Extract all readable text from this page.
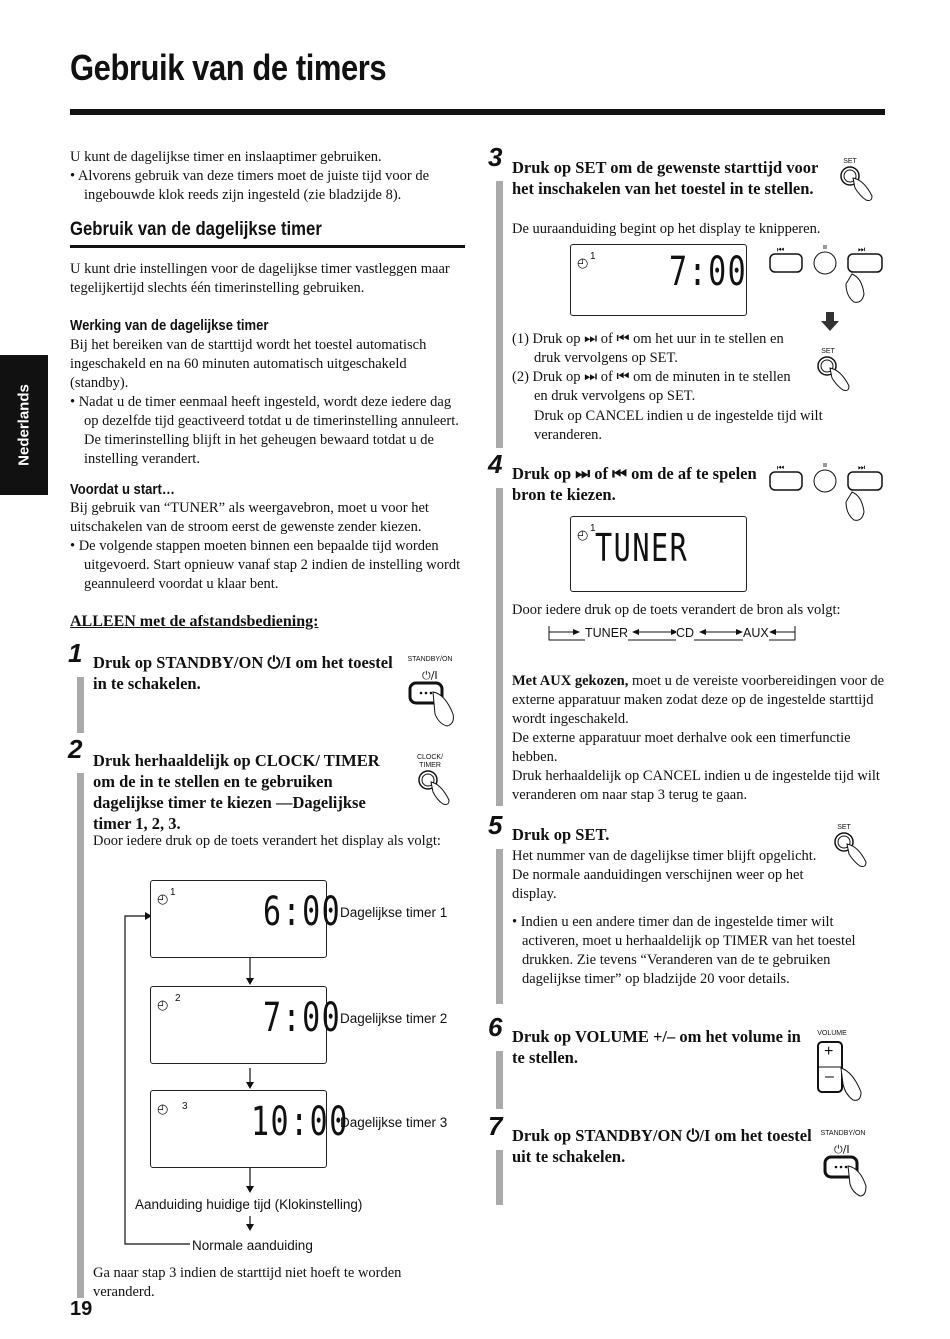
Gebruik van de timers
Nederlands
U kunt de dagelijkse timer en inslaaptimer gebruiken.
• Alvorens gebruik van deze timers moet de juiste tijd voor de ingebouwde klok reeds zijn ingesteld (zie bladzijde 8).
Gebruik van de dagelijkse timer
U kunt drie instellingen voor de dagelijkse timer vastleggen maar tegelijkertijd slechts één timerinstelling gebruiken.
Werking van de dagelijkse timer
Bij het bereiken van de starttijd wordt het toestel automatisch ingeschakeld en na 60 minuten automatisch uitgeschakeld (standby).
• Nadat u de timer eenmaal heeft ingesteld, wordt deze iedere dag op dezelfde tijd geactiveerd totdat u de timerinstelling annuleert. De timerinstelling blijft in het geheugen bewaard totdat u de instelling verandert.
Voordat u start…
Bij gebruik van “TUNER” als weergavebron, moet u voor het uitschakelen van de stroom eerst de gewenste zender kiezen.
• De volgende stappen moeten binnen een bepaalde tijd worden uitgevoerd. Start opnieuw vanaf stap 2 indien de instelling wordt geannuleerd voordat u klaar bent.
ALLEEN met de afstandsbediening:
1 Druk op STANDBY/ON ⏻/I om het toestel in te schakelen.
STANDBY/ON
⏻/I
2 Druk herhaaldelijk op CLOCK/ TIMER om de in te stellen en te gebruiken dagelijkse timer te kiezen —Dagelijkse timer 1, 2, 3.
CLOCK/ TIMER
Door iedere druk op de toets verandert het display als volgt:
◴ 1 6:00
Dagelijkse timer 1
◴ 2 7:00
Dagelijkse timer 2
◴ 3 10:00
Dagelijkse timer 3
Aanduiding huidige tijd (Klokinstelling)
Normale aanduiding
Ga naar stap 3 indien de starttijd niet hoeft te worden veranderd.
19
3 Druk op SET om de gewenste starttijd voor het inschakelen van het toestel in te stellen.
SET
De uuraanduiding begint op het display te knipperen.
◴ 1 7:00	⏮	⏭
(1) Druk op ⏭ of ⏮ om het uur in te stellen en druk vervolgens op SET.
(2) Druk op ⏭ of ⏮ om de minuten in te stellen en druk vervolgens op SET.
Druk op CANCEL indien u de ingestelde tijd wilt veranderen.
SET
4 Druk op ⏭ of ⏮ om de af te spelen bron te kiezen.
⏮	⏭
◴ 1 TUNER
Door iedere druk op de toets verandert de bron als volgt:
TUNER	CD	AUX
Met AUX gekozen, moet u de vereiste voorbereidingen voor de externe apparatuur maken zodat deze op de ingestelde starttijd wordt ingeschakeld.
De externe apparatuur moet derhalve ook een timerfunctie hebben.
Druk herhaaldelijk op CANCEL indien u de ingestelde tijd wilt veranderen om naar stap 3 terug te gaan.
5 Druk op SET.	SET
Het nummer van de dagelijkse timer blijft opgelicht. De normale aanduidingen verschijnen weer op het display.
• Indien u een andere timer dan de ingestelde timer wilt activeren, moet u herhaaldelijk op TIMER van het toestel drukken. Zie tevens “Veranderen van de te gebruiken dagelijkse timer” op bladzijde 20 voor details.
6 Druk op VOLUME +/– om het volume in te stellen.
VOLUME
+
–
7 Druk op STANDBY/ON ⏻/I om het toestel uit te schakelen.
STANDBY/ON
⏻/I
